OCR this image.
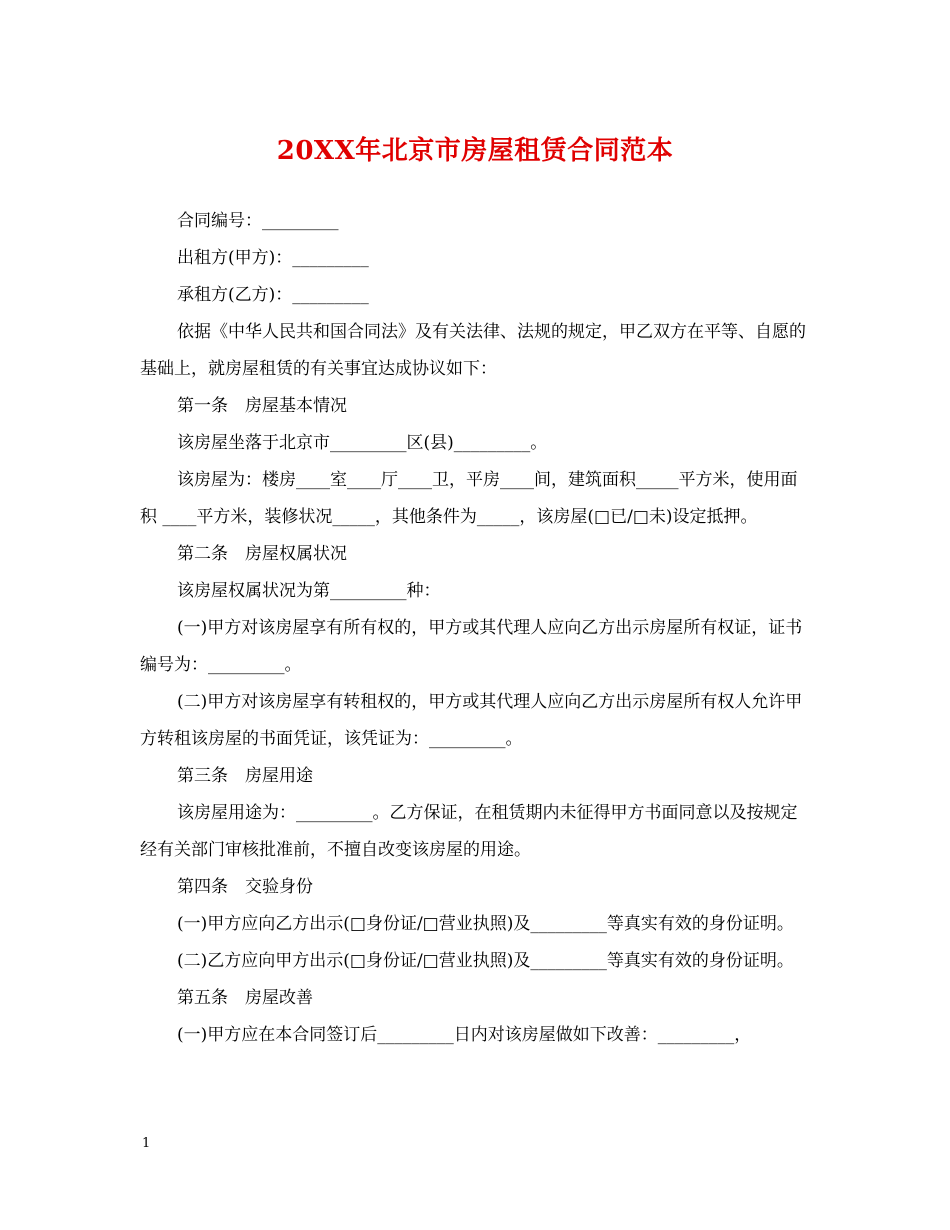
20XX年北京市房屋租赁合同范本

合同编号：_________

出租方(甲方)：_________

承租方(乙方)：_________

依据《中华人民共和国合同法》及有关法律、法规的规定，甲乙双方在平等、自愿的基础上，就房屋租赁的有关事宜达成协议如下：

第一条　房屋基本情况

该房屋坐落于北京市_________区(县)_________。

该房屋为：楼房____室____厅____卫，平房____间，建筑面积_____平方米，使用面积 ____平方米，装修状况_____，其他条件为_____，该房屋(□已/□未)设定抵押。

第二条　房屋权属状况

该房屋权属状况为第_________种：

(一)甲方对该房屋享有所有权的，甲方或其代理人应向乙方出示房屋所有权证，证书编号为：_________。

(二)甲方对该房屋享有转租权的，甲方或其代理人应向乙方出示房屋所有权人允许甲方转租该房屋的书面凭证，该凭证为：_________。

第三条　房屋用途

该房屋用途为：_________。乙方保证，在租赁期内未征得甲方书面同意以及按规定经有关部门审核批准前，不擅自改变该房屋的用途。

第四条　交验身份

(一)甲方应向乙方出示(□身份证/□营业执照)及_________等真实有效的身份证明。

(二)乙方应向甲方出示(□身份证/□营业执照)及_________等真实有效的身份证明。

第五条　房屋改善

(一)甲方应在本合同签订后_________日内对该房屋做如下改善：_________，

1
